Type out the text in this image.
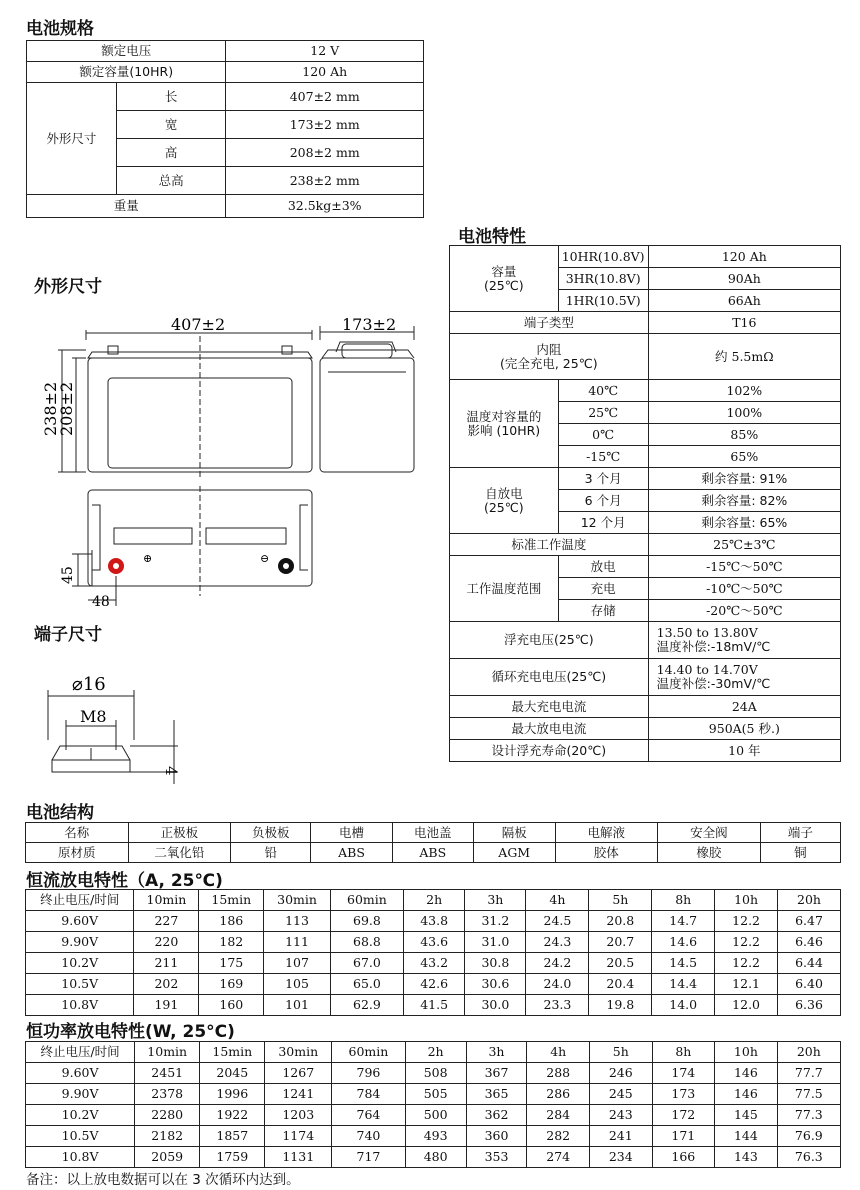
电池规格
外形尺寸
端子尺寸
电池特性
电池结构
恒流放电特性（A, 25℃)
恒功率放电特性(W, 25°C)
额定电压		12 V
额定容量(10HR)		120 Ah
外形尺寸	长	407±2 mm
	宽	173±2 mm
	高	208±2 mm
	总高	238±2 mm
重量		32.5kg±3%
容量
(25℃)	10HR(10.8V)	120 Ah
	3HR(10.8V)	90Ah
	1HR(10.5V)	66Ah
端子类型		T16
内阻
(完全充电, 25℃)		约 5.5mΩ
温度对容量的
影响 (10HR)	40℃	102%
	25℃	100%
	0℃	85%
	-15℃	65%
自放电
(25℃)	3 个月	剩余容量: 91%
	6 个月	剩余容量: 82%
	12 个月	剩余容量: 65%
标准工作温度		25℃±3℃
工作温度范围	放电	-15℃～50℃
	充电	-10℃～50℃
	存储	-20℃～50℃
浮充电压(25℃)		13.50 to 13.80V
温度补偿:-18mV/℃
循环充电电压(25℃)		14.40 to 14.70V
温度补偿:-30mV/℃
最大充电电流		24A
最大放电电流		950A(5 秒.)
设计浮充寿命(20℃)		10 年
⊕	⊖
407±2	173±2
238±2
208±2
45
48
⌀16
M8
4
名称	正极板	负极板	电槽	电池盖	隔板	电解液	安全阀	端子
原材质	二氧化铅	铅	ABS	ABS	AGM	胶体	橡胶	铜
终止电压/时间	10min	15min	30min	60min	2h	3h	4h	5h	8h	10h	20h
9.60V	227	186	113	69.8	43.8	31.2	24.5	20.8	14.7	12.2	6.47
9.90V	220	182	111	68.8	43.6	31.0	24.3	20.7	14.6	12.2	6.46
10.2V	211	175	107	67.0	43.2	30.8	24.2	20.5	14.5	12.2	6.44
10.5V	202	169	105	65.0	42.6	30.6	24.0	20.4	14.4	12.1	6.40
10.8V	191	160	101	62.9	41.5	30.0	23.3	19.8	14.0	12.0	6.36
终止电压/时间	10min	15min	30min	60min	2h	3h	4h	5h	8h	10h	20h
9.60V	2451	2045	1267	796	508	367	288	246	174	146	77.7
9.90V	2378	1996	1241	784	505	365	286	245	173	146	77.5
10.2V	2280	1922	1203	764	500	362	284	243	172	145	77.3
10.5V	2182	1857	1174	740	493	360	282	241	171	144	76.9
10.8V	2059	1759	1131	717	480	353	274	234	166	143	76.3
备注：以上放电数据可以在 3 次循环内达到。
